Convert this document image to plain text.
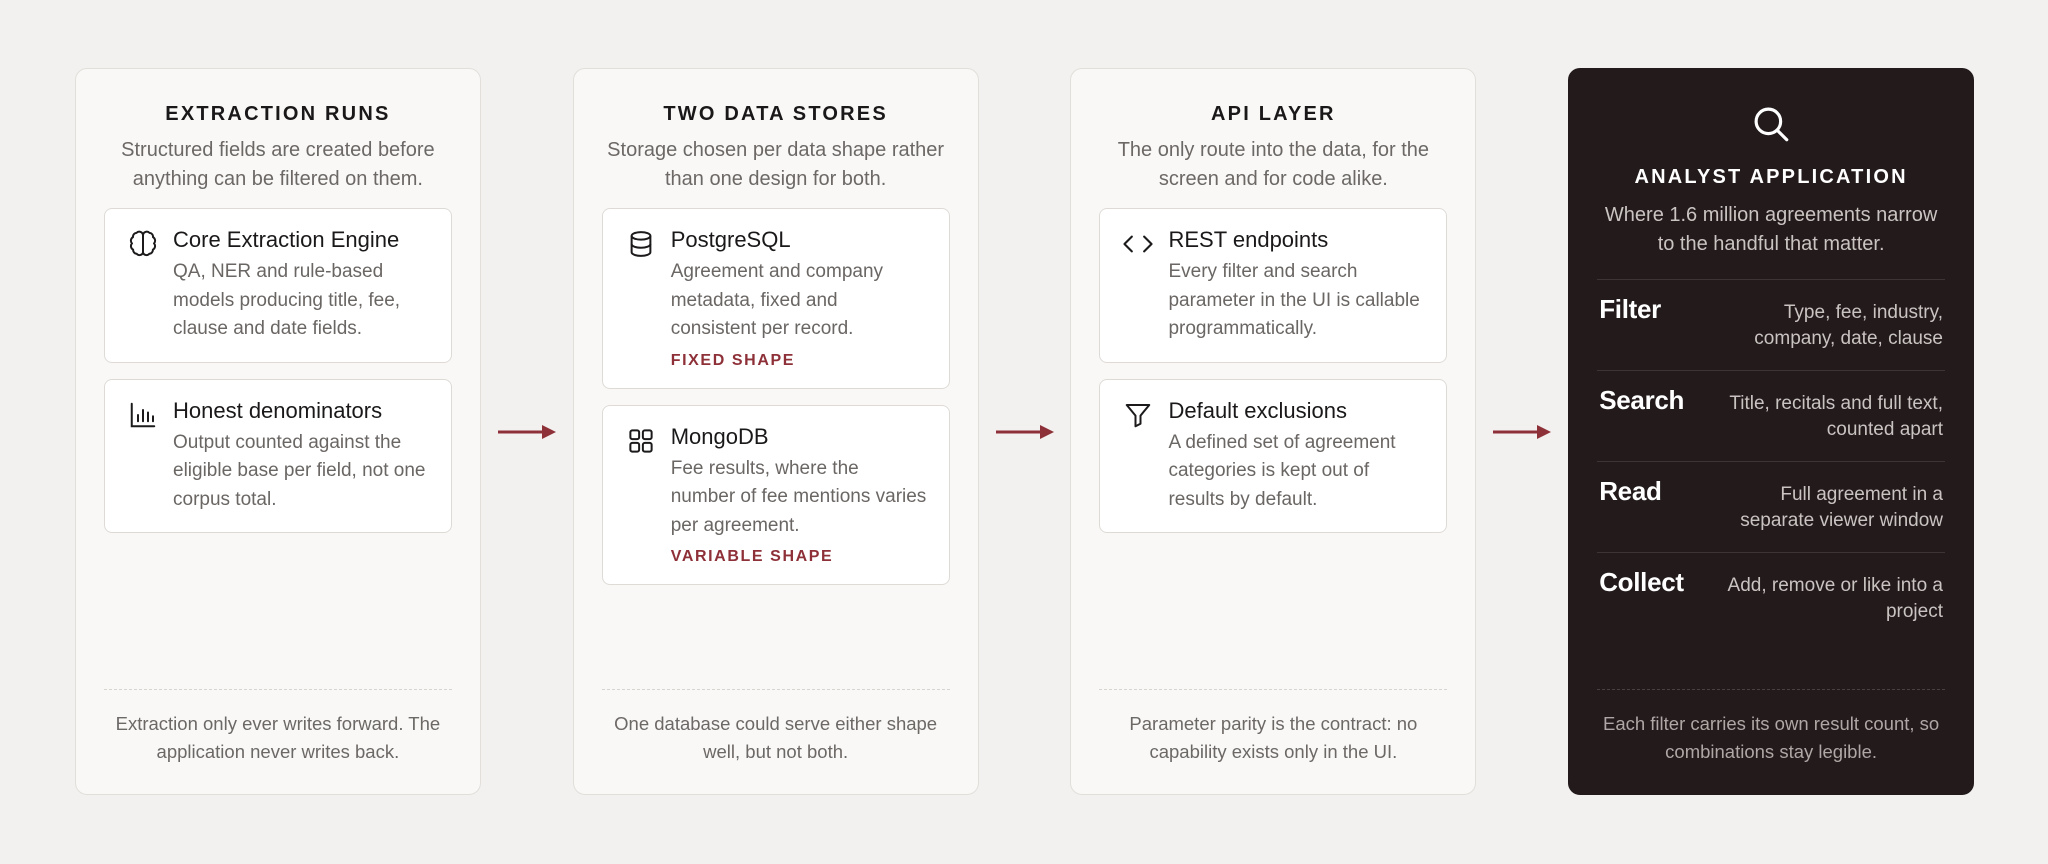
EXTRACTION RUNS
Structured fields are created before anything can be filtered on them.
Core Extraction Engine
QA, NER and rule-based models producing title, fee, clause and date fields.
Honest denominators
Output counted against the eligible base per field, not one corpus total.
Extraction only ever writes forward. The application never writes back.
TWO DATA STORES
Storage chosen per data shape rather than one design for both.
PostgreSQL
Agreement and company metadata, fixed and consistent per record.
FIXED SHAPE
MongoDB
Fee results, where the number of fee mentions varies per agreement.
VARIABLE SHAPE
One database could serve either shape well, but not both.
API LAYER
The only route into the data, for the screen and for code alike.
REST endpoints
Every filter and search parameter in the UI is callable programmatically.
Default exclusions
A defined set of agreement categories is kept out of results by default.
Parameter parity is the contract: no capability exists only in the UI.
ANALYST APPLICATION
Where 1.6 million agreements narrow to the handful that matter.
Filter	Type, fee, industry, company, date, clause
Search	Title, recitals and full text, counted apart
Read	Full agreement in a separate viewer window
Collect	Add, remove or like into a project
Each filter carries its own result count, so combinations stay legible.
